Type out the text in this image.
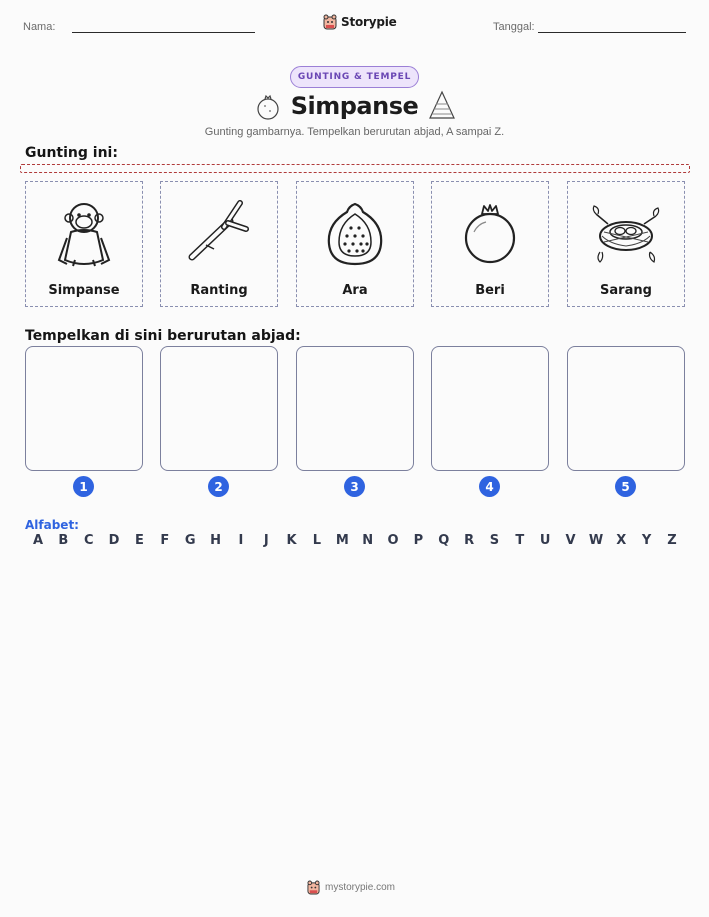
Nama:	Storypie	Tanggal:
GUNTING & TEMPEL
Simpanse
Gunting gambarnya. Tempelkan berurutan abjad, A sampai Z.
Gunting ini:
Simpanse	Ranting	Ara	Beri	Sarang
Tempelkan di sini berurutan abjad:
1	2	3	4	5
Alfabet:
A B C D E F G H	I	J	K L M N O P Q R S T U V W X Y Z
mystorypie.com
